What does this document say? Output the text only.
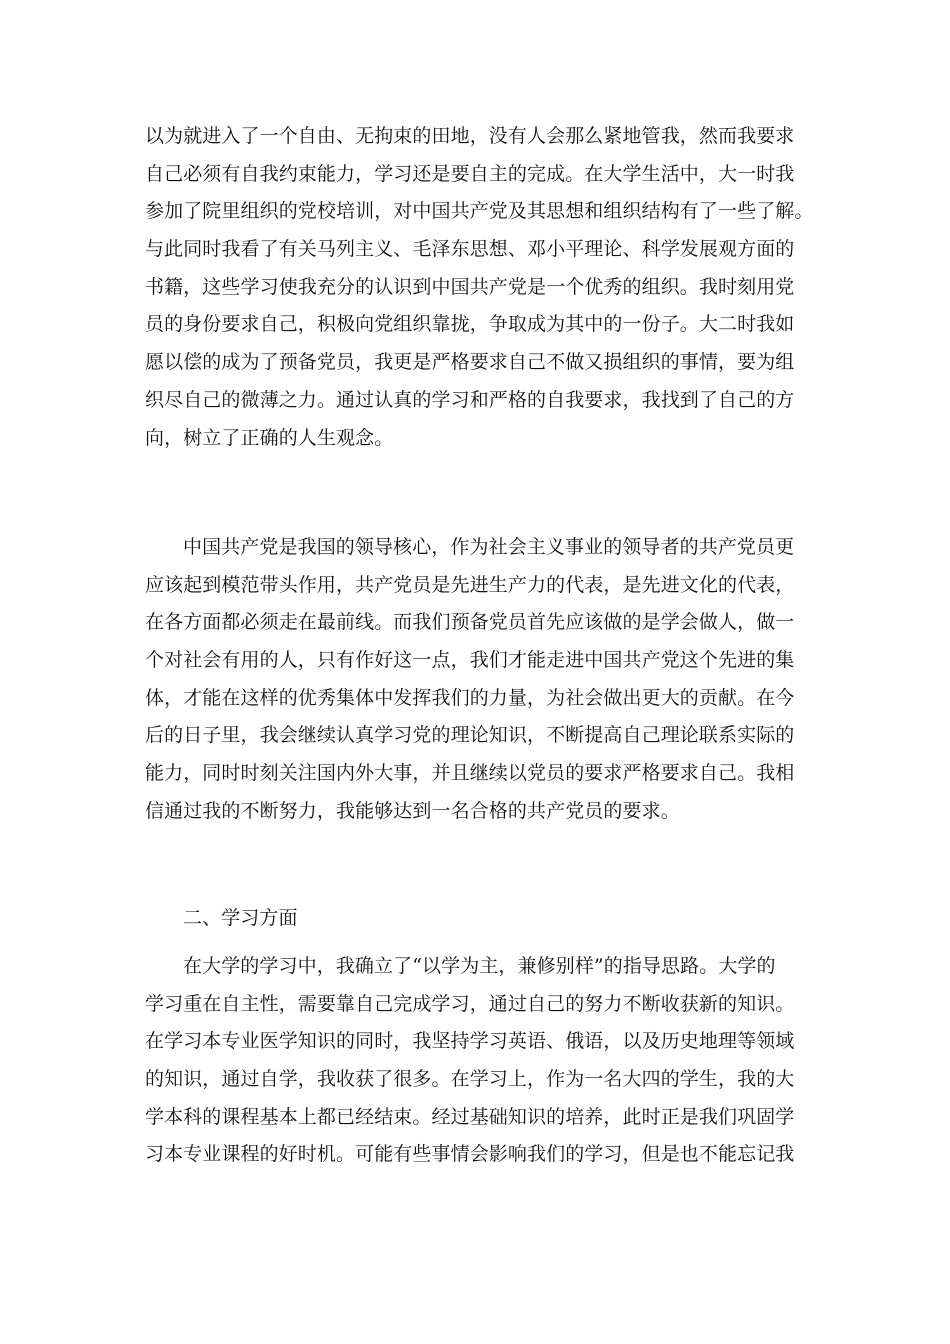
以为就进入了一个自由、无拘束的田地，没有人会那么紧地管我，然而我要求
自己必须有自我约束能力，学习还是要自主的完成。在大学生活中，大一时我
参加了院里组织的党校培训，对中国共产党及其思想和组织结构有了一些了解。
与此同时我看了有关马列主义、毛泽东思想、邓小平理论、科学发展观方面的
书籍，这些学习使我充分的认识到中国共产党是一个优秀的组织。我时刻用党
员的身份要求自己，积极向党组织靠拢，争取成为其中的一份子。大二时我如
愿以偿的成为了预备党员，我更是严格要求自己不做又损组织的事情，要为组
织尽自己的微薄之力。通过认真的学习和严格的自我要求，我找到了自己的方
向，树立了正确的人生观念。
中国共产党是我国的领导核心，作为社会主义事业的领导者的共产党员更
应该起到模范带头作用，共产党员是先进生产力的代表，是先进文化的代表，
在各方面都必须走在最前线。而我们预备党员首先应该做的是学会做人，做一
个对社会有用的人，只有作好这一点，我们才能走进中国共产党这个先进的集
体，才能在这样的优秀集体中发挥我们的力量，为社会做出更大的贡献。在今
后的日子里，我会继续认真学习党的理论知识，不断提高自己理论联系实际的
能力，同时时刻关注国内外大事，并且继续以党员的要求严格要求自己。我相
信通过我的不断努力，我能够达到一名合格的共产党员的要求。
二、学习方面
在大学的学习中，我确立了“以学为主，兼修别样”的指导思路。大学的
学习重在自主性，需要靠自己完成学习，通过自己的努力不断收获新的知识。
在学习本专业医学知识的同时，我坚持学习英语、俄语，以及历史地理等领域
的知识，通过自学，我收获了很多。在学习上，作为一名大四的学生，我的大
学本科的课程基本上都已经结束。经过基础知识的培养，此时正是我们巩固学
习本专业课程的好时机。可能有些事情会影响我们的学习，但是也不能忘记我
